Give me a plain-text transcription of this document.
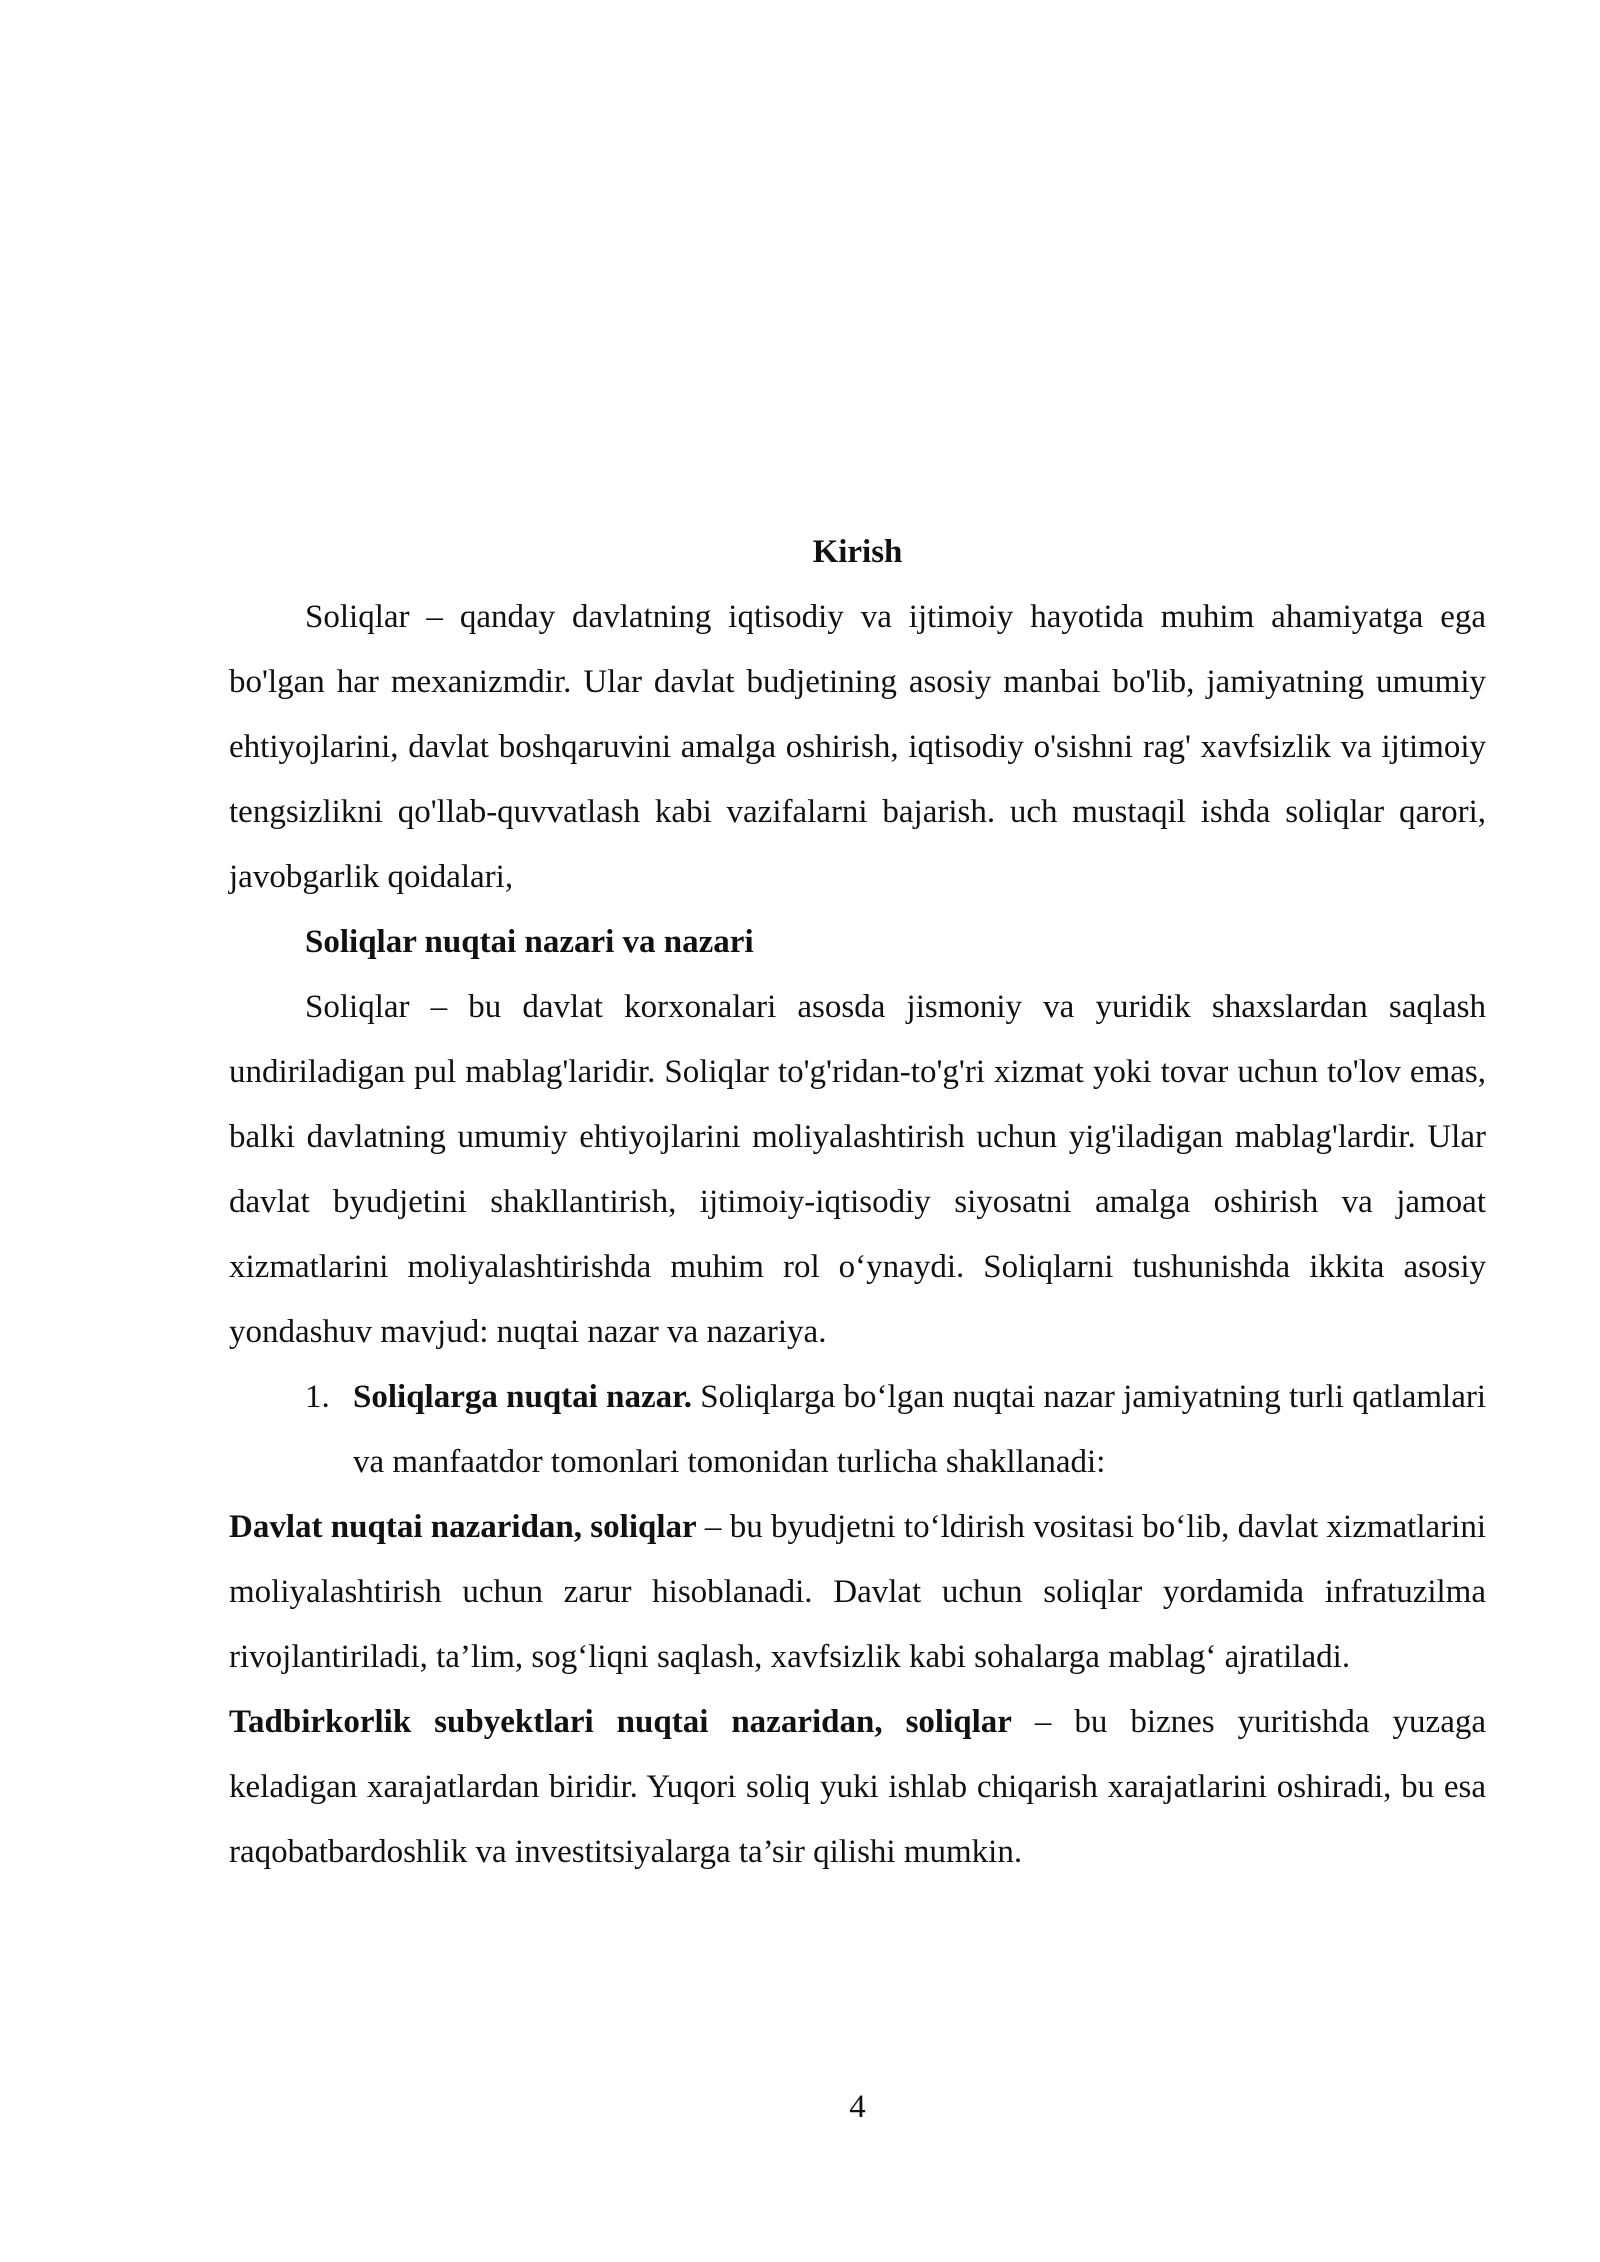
Kirish

Soliqlar – qanday davlatning iqtisodiy va ijtimoiy hayotida muhim ahamiyatga ega bo'lgan har mexanizmdir. Ular davlat budjetining asosiy manbai bo'lib, jamiyatning umumiy ehtiyojlarini, davlat boshqaruvini amalga oshirish, iqtisodiy o'sishni rag' xavfsizlik va ijtimoiy tengsizlikni qo'llab-quvvatlash kabi vazifalarni bajarish. uch mustaqil ishda soliqlar qarori, javobgarlik qoidalari,

Soliqlar nuqtai nazari va nazari

Soliqlar – bu davlat korxonalari asosda jismoniy va yuridik shaxslardan saqlash undiriladigan pul mablag'laridir. Soliqlar to'g'ridan-to'g'ri xizmat yoki tovar uchun to'lov emas, balki davlatning umumiy ehtiyojlarini moliyalashtirish uchun yig'iladigan mablag'lardir. Ular davlat byudjetini shakllantirish, ijtimoiy-iqtisodiy siyosatni amalga oshirish va jamoat xizmatlarini moliyalashtirishda muhim rol o‘ynaydi. Soliqlarni tushunishda ikkita asosiy yondashuv mavjud: nuqtai nazar va nazariya.

1. Soliqlarga nuqtai nazar. Soliqlarga bo‘lgan nuqtai nazar jamiyatning turli qatlamlari va manfaatdor tomonlari tomonidan turlicha shakllanadi:

Davlat nuqtai nazaridan, soliqlar – bu byudjetni to‘ldirish vositasi bo‘lib, davlat xizmatlarini moliyalashtirish uchun zarur hisoblanadi. Davlat uchun soliqlar yordamida infratuzilma rivojlantiriladi, ta’lim, sog‘liqni saqlash, xavfsizlik kabi sohalarga mablag‘ ajratiladi.

Tadbirkorlik subyektlari nuqtai nazaridan, soliqlar – bu biznes yuritishda yuzaga keladigan xarajatlardan biridir. Yuqori soliq yuki ishlab chiqarish xarajatlarini oshiradi, bu esa raqobatbardoshlik va investitsiyalarga ta’sir qilishi mumkin.

4
